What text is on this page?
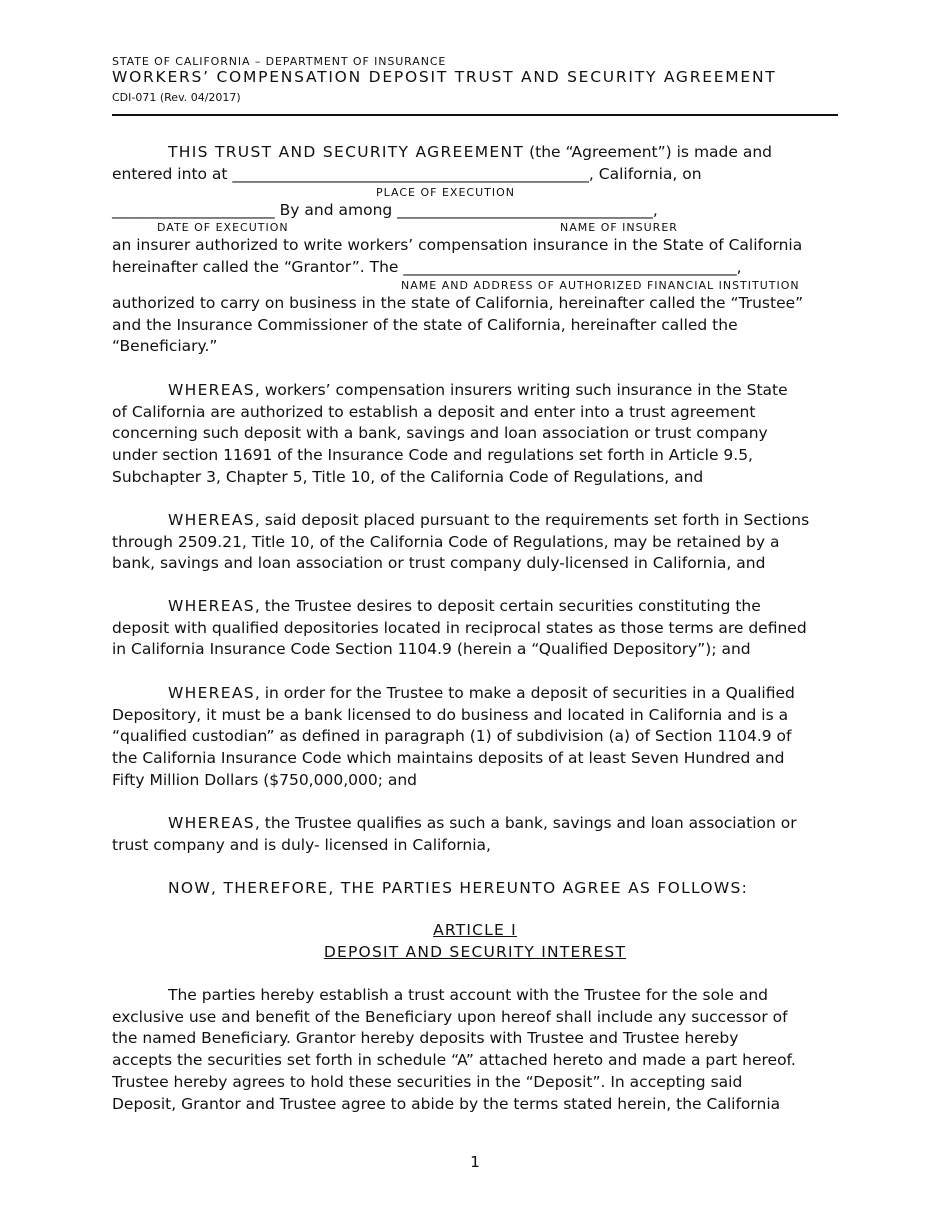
STATE OF CALIFORNIA – DEPARTMENT OF INSURANCE
WORKERS’ COMPENSATION DEPOSIT TRUST AND SECURITY AGREEMENT
CDI-071 (Rev. 04/2017)
THIS TRUST AND SECURITY AGREEMENT (the “Agreement”) is made and
entered into at ______________________________________________, California, on
PLACE OF EXECUTION
_____________________ By and among _________________________________,
DATE OF EXECUTION	NAME OF INSURER
an insurer authorized to write workers’ compensation insurance in the State of California
hereinafter called the “Grantor”. The ___________________________________________,
NAME AND ADDRESS OF AUTHORIZED FINANCIAL INSTITUTION
authorized to carry on business in the state of California, hereinafter called the “Trustee”
and the Insurance Commissioner of the state of California, hereinafter called the
“Beneficiary.”
WHEREAS, workers’ compensation insurers writing such insurance in the State
of California are authorized to establish a deposit and enter into a trust agreement
concerning such deposit with a bank, savings and loan association or trust company
under section 11691 of the Insurance Code and regulations set forth in Article 9.5,
Subchapter 3, Chapter 5, Title 10, of the California Code of Regulations, and
WHEREAS, said deposit placed pursuant to the requirements set forth in Sections
through 2509.21, Title 10, of the California Code of Regulations, may be retained by a
bank, savings and loan association or trust company duly-licensed in California, and
WHEREAS, the Trustee desires to deposit certain securities constituting the
deposit with qualified depositories located in reciprocal states as those terms are defined
in California Insurance Code Section 1104.9 (herein a “Qualified Depository”); and
WHEREAS, in order for the Trustee to make a deposit of securities in a Qualified
Depository, it must be a bank licensed to do business and located in California and is a
“qualified custodian” as defined in paragraph (1) of subdivision (a) of Section 1104.9 of
the California Insurance Code which maintains deposits of at least Seven Hundred and
Fifty Million Dollars ($750,000,000; and
WHEREAS, the Trustee qualifies as such a bank, savings and loan association or
trust company and is duly- licensed in California,
NOW, THEREFORE, THE PARTIES HEREUNTO AGREE AS FOLLOWS:
ARTICLE I
DEPOSIT AND SECURITY INTEREST
The parties hereby establish a trust account with the Trustee for the sole and
exclusive use and benefit of the Beneficiary upon hereof shall include any successor of
the named Beneficiary. Grantor hereby deposits with Trustee and Trustee hereby
accepts the securities set forth in schedule “A” attached hereto and made a part hereof.
Trustee hereby agrees to hold these securities in the “Deposit”. In accepting said
Deposit, Grantor and Trustee agree to abide by the terms stated herein, the California
1
